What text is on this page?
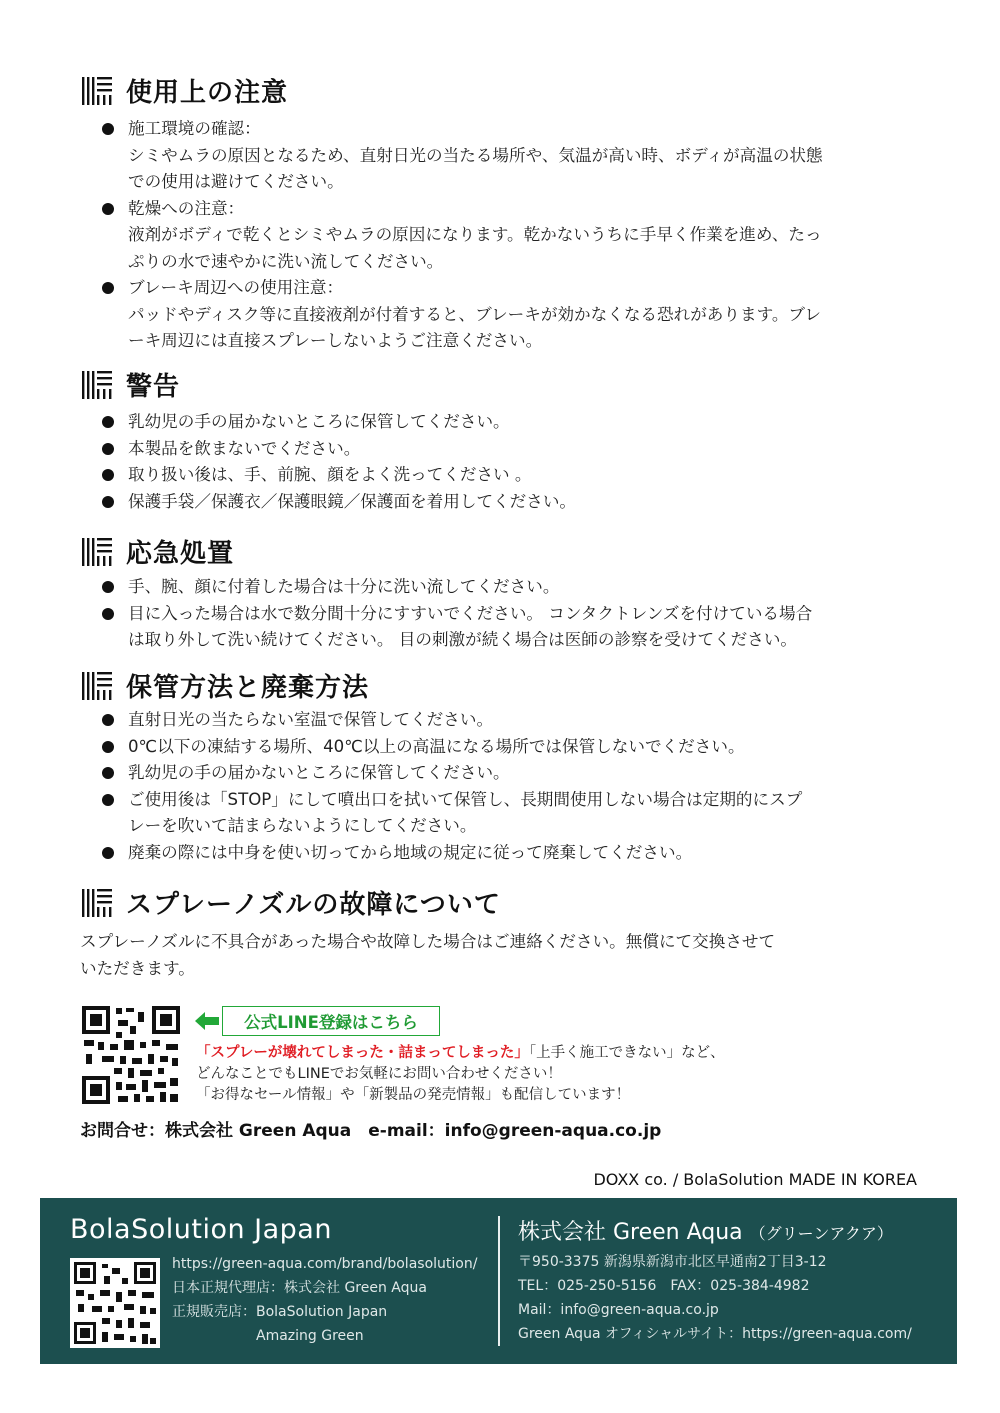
使用上の注意
施工環境の確認：
シミやムラの原因となるため、直射日光の当たる場所や、気温が高い時、ボディが高温の状態
での使用は避けてください。
乾燥への注意：
液剤がボディで乾くとシミやムラの原因になります。乾かないうちに手早く作業を進め、たっ
ぷりの水で速やかに洗い流してください。
ブレーキ周辺への使用注意：
パッドやディスク等に直接液剤が付着すると、ブレーキが効かなくなる恐れがあります。ブレ
ーキ周辺には直接スプレーしないようご注意ください。
警告
乳幼児の手の届かないところに保管してください。
本製品を飲まないでください。
取り扱い後は、手、前腕、顔をよく洗ってください 。
保護手袋／保護衣／保護眼鏡／保護面を着用してください。
応急処置
手、腕、顔に付着した場合は十分に洗い流してください。
目に入った場合は水で数分間十分にすすいでください。 コンタクトレンズを付けている場合
は取り外して洗い続けてください。 目の刺激が続く場合は医師の診察を受けてください。
保管方法と廃棄方法
直射日光の当たらない室温で保管してください。
0℃以下の凍結する場所、40℃以上の高温になる場所では保管しないでください。
乳幼児の手の届かないところに保管してください。
ご使用後は「STOP」にして噴出口を拭いて保管し、長期間使用しない場合は定期的にスプ
レーを吹いて詰まらないようにしてください。
廃棄の際には中身を使い切ってから地域の規定に従って廃棄してください。
スプレーノズルの故障について
スプレーノズルに不具合があった場合や故障した場合はご連絡ください。無償にて交換させて
いただきます。
公式LINE登録はこちら
「スプレーが壊れてしまった・詰まってしまった」「上手く施工できない」など、
どんなことでもLINEでお気軽にお問い合わせください！
「お得なセール情報」や「新製品の発売情報」も配信しています！
お問合せ：株式会社 Green Aqua　e-mail：info@green-aqua.co.jp
DOXX co. / BolaSolution MADE IN KOREA
BolaSolution Japan
https://green-aqua.com/brand/bolasolution/
日本正規代理店：株式会社 Green Aqua
正規販売店：BolaSolution Japan
　　　　　　Amazing Green
株式会社 Green Aqua （グリーンアクア）
〒950-3375 新潟県新潟市北区早通南2丁目3-12
TEL：025-250-5156　FAX：025-384-4982
Mail：info@green-aqua.co.jp
Green Aqua オフィシャルサイト：https://green-aqua.com/
